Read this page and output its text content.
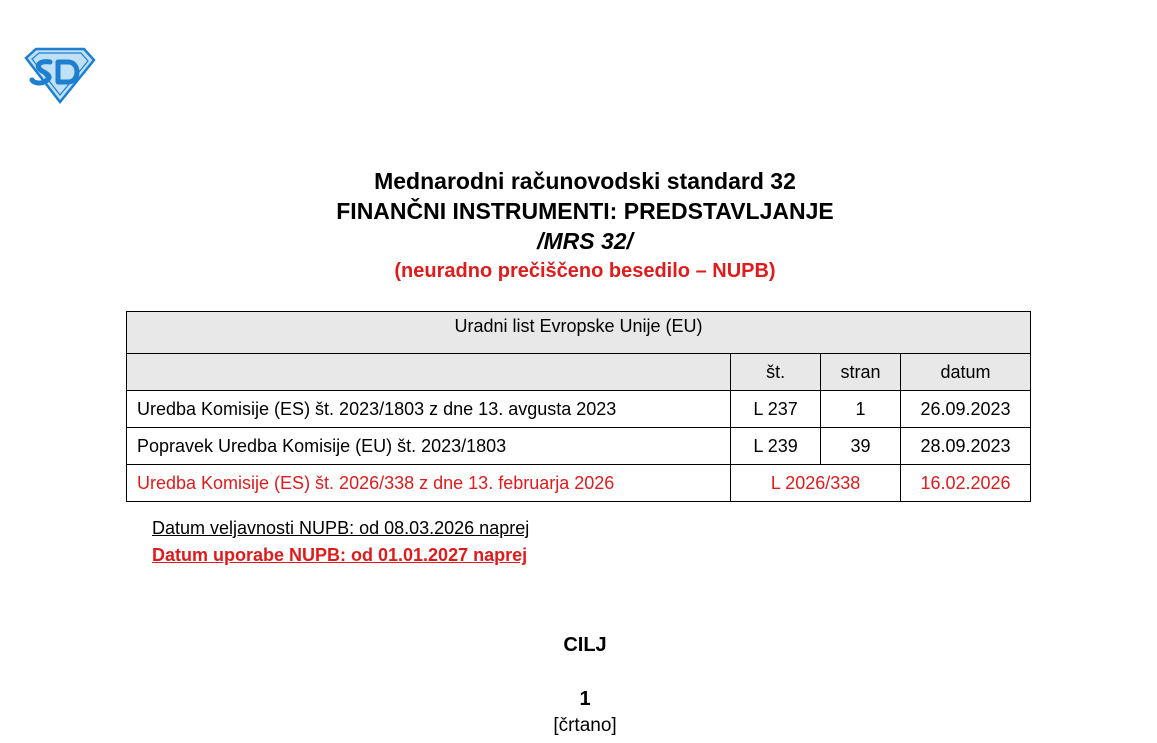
Mednarodni računovodski standard 32
FINANČNI INSTRUMENTI: PREDSTAVLJANJE
/MRS 32/
(neuradno prečiščeno besedilo – NUPB)
Uradni list Evropske Unije (EU)			
	št.	stran	datum
Uredba Komisije (ES) št. 2023/1803 z dne 13. avgusta 2023	L 237	1	26.09.2023
Popravek Uredba Komisije (EU) št. 2023/1803	L 239	39	28.09.2023
Uredba Komisije (ES) št. 2026/338 z dne 13. februarja 2026	L 2026/338		16.02.2026
Datum veljavnosti NUPB: od 08.03.2026 naprej
Datum uporabe NUPB: od 01.01.2027 naprej
CILJ
1
[črtano]
